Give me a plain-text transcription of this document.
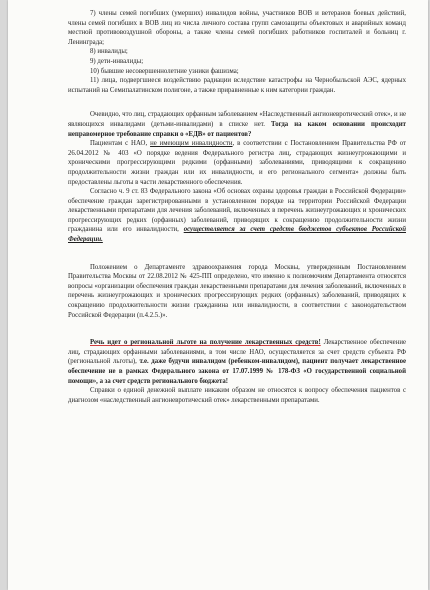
7) члены семей погибших (умерших) инвалидов войны, участников ВОВ и ветеранов боевых действий, члены семей погибших в ВОВ лиц из числа личного состава групп самозащиты объектовых и аварийных команд местной противовоздушной обороны, а также члены семей погибших работников госпиталей и больниц г. Ленинграда;

8) инвалиды;

9) дети-инвалиды;

10) бывшие несовершеннолетние узники фашизма;

11) лица, подвергшиеся воздействию радиации вследствие катастрофы на Чернобыльской АЭС, ядерных испытаний на Семипалатинском полигоне, а также приравненные к ним категории граждан.

Очевидно, что лиц, страдающих орфанным заболеванием «Наследственный ангионевротический отек», и не являющихся инвалидами (детьми-инвалидами) в списке нет. Тогда на каком основании происходит неправомерное требование справки о «ЕДВ» от пациентов?

Пациентам с НАО, не имеющим инвалидности, в соответствии с Постановлением Правительства РФ от 26.04.2012 № 403 «О порядке ведения Федерального регистра лиц, страдающих жизнеугрожающими и хроническими прогрессирующими редкими (орфанными) заболеваниями, приводящими к сокращению продолжительности жизни граждан или их инвалидности, и его регионального сегмента» должны быть предоставлены льготы в части лекарственного обеспечения.

Согласно ч. 9 ст. 83 Федерального закона «Об основах охраны здоровья граждан в Российской Федерации» обеспечение граждан зарегистрированными в установленном порядке на территории Российской Федерации лекарственными препаратами для лечения заболеваний, включенных в перечень жизнеугрожающих и хронических прогрессирующих редких (орфанных) заболеваний, приводящих к сокращению продолжительности жизни гражданина или его инвалидности, осуществляется за счет средств бюджетов субъектов Российской Федерации.

Положением о Департаменте здравоохранения города Москвы, утвержденным Постановлением Правительства Москвы от 22.08.2012 № 425-ПП определено, что именно к полномочиям Департамента относятся вопросы «организации обеспечения граждан лекарственными препаратами для лечения заболеваний, включенных в перечень жизнеугрожающих и хронических прогрессирующих редких (орфанных) заболеваний, приводящих к сокращению продолжительности жизни гражданина или инвалидности, в соответствии с законодательством Российской Федерации (п.4.2.5.)».

Речь идет о региональной льготе на получение лекарственных средств! Лекарственное обеспечение лиц, страдающих орфанными заболеваниями, в том числе НАО, осуществляется за счет средств субъекта РФ (региональной льготы), т.е. даже будучи инвалидом (ребенком-инвалидом), пациент получает лекарственное обеспечение не в рамках Федерального закона от 17.07.1999 № 178-ФЗ «О государственной социальной помощи», а за счет средств регионального бюджета!

Справки о единой денежной выплате никаким образом не относятся к вопросу обеспечения пациентов с диагнозом «наследственный ангионевротический отек» лекарственными препаратами.
